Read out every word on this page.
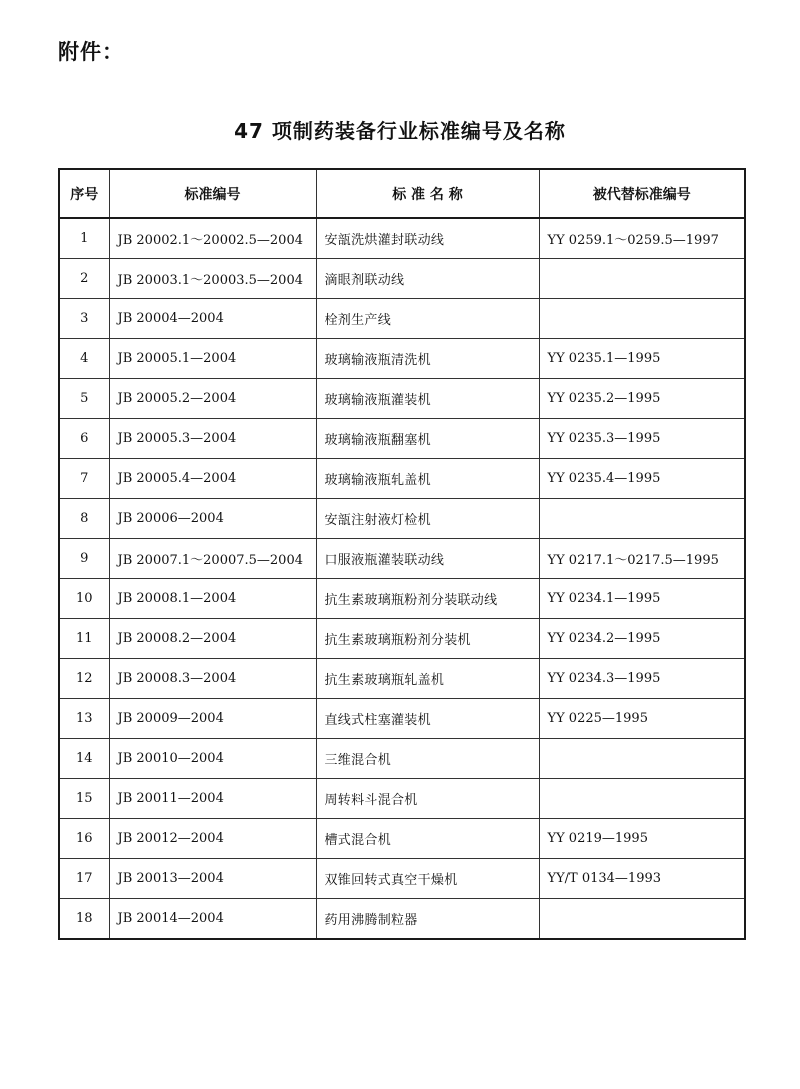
附件：
47 项制药装备行业标准编号及名称
序号	标准编号	标 准 名 称	被代替标准编号
1	JB 20002.1～20002.5—2004	安瓿洗烘灌封联动线	YY 0259.1～0259.5—1997
2	JB 20003.1～20003.5—2004	滴眼剂联动线	
3	JB 20004—2004	栓剂生产线	
4	JB 20005.1—2004	玻璃输液瓶清洗机	YY 0235.1—1995
5	JB 20005.2—2004	玻璃输液瓶灌装机	YY 0235.2—1995
6	JB 20005.3—2004	玻璃输液瓶翻塞机	YY 0235.3—1995
7	JB 20005.4—2004	玻璃输液瓶轧盖机	YY 0235.4—1995
8	JB 20006—2004	安瓿注射液灯检机	
9	JB 20007.1～20007.5—2004	口服液瓶灌装联动线	YY 0217.1～0217.5—1995
10	JB 20008.1—2004	抗生素玻璃瓶粉剂分装联动线	YY 0234.1—1995
11	JB 20008.2—2004	抗生素玻璃瓶粉剂分装机	YY 0234.2—1995
12	JB 20008.3—2004	抗生素玻璃瓶轧盖机	YY 0234.3—1995
13	JB 20009—2004	直线式柱塞灌装机	YY 0225—1995
14	JB 20010—2004	三维混合机	
15	JB 20011—2004	周转料斗混合机	
16	JB 20012—2004	槽式混合机	YY 0219—1995
17	JB 20013—2004	双锥回转式真空干燥机	YY/T 0134—1993
18	JB 20014—2004	药用沸腾制粒器	
